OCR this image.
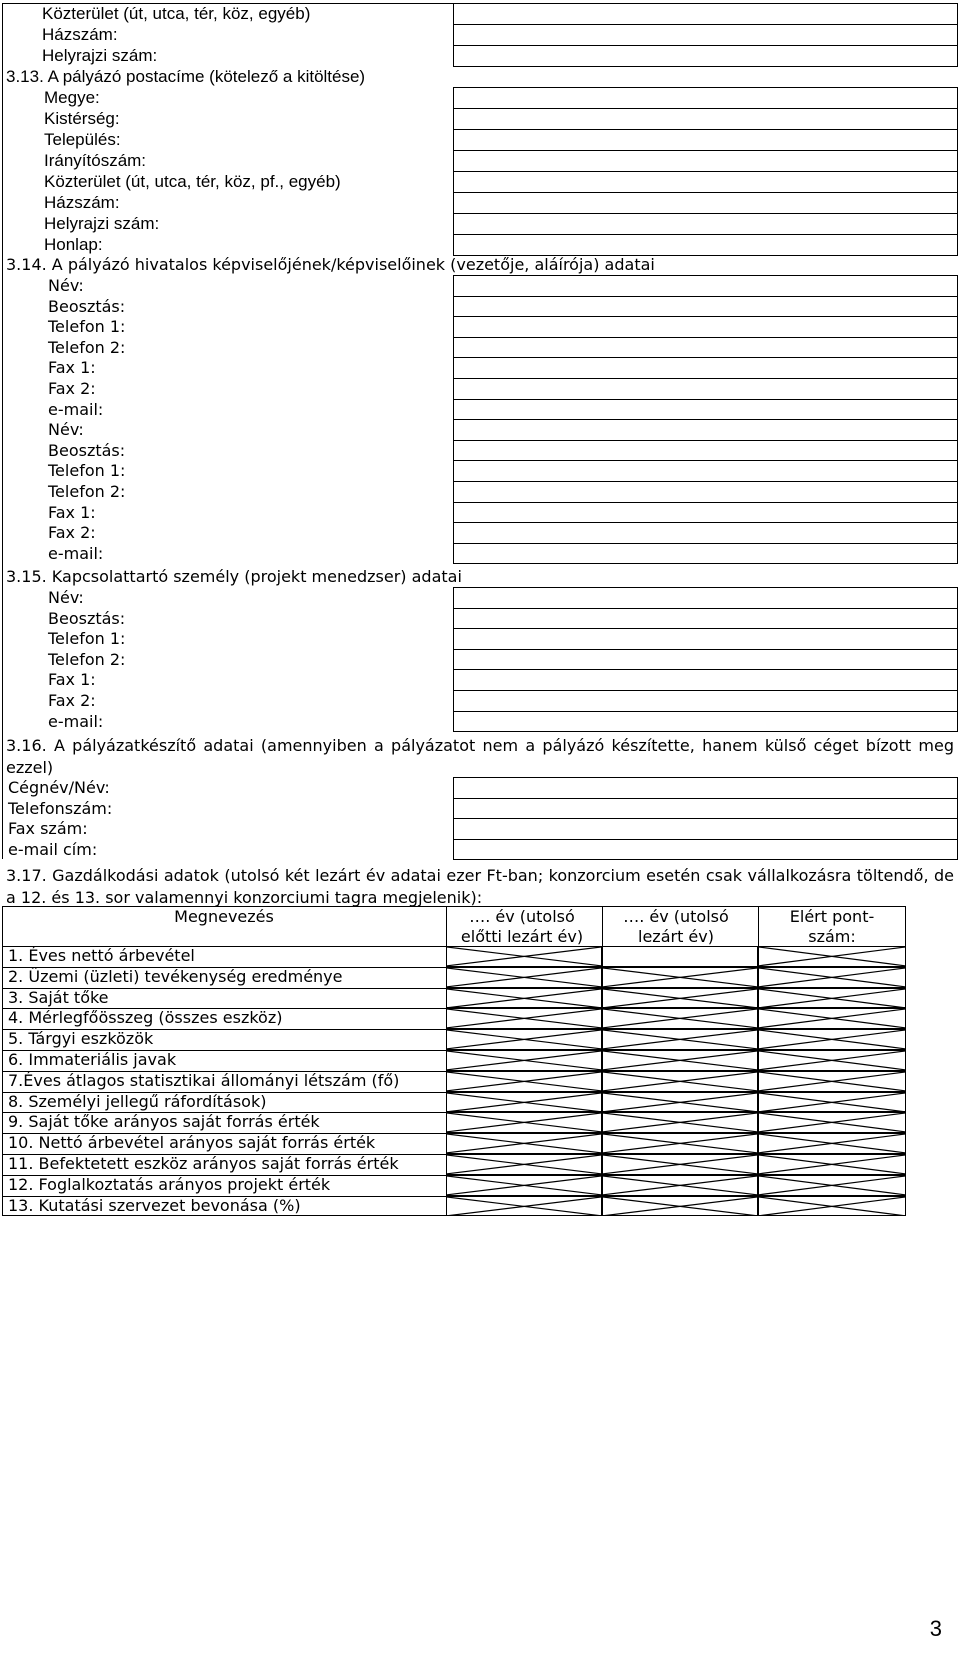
Közterület (út, utca, tér, köz, egyéb)
Házszám:
Helyrajzi szám:
3.13. A pályázó postacíme (kötelező a kitöltése)
Megye:
Kistérség:
Település:
Irányítószám:
Közterület (út, utca, tér, köz, pf., egyéb)
Házszám:
Helyrajzi szám:
Honlap:
3.14. A pályázó hivatalos képviselőjének/képviselőinek (vezetője, aláírója) adatai
Név:
Beosztás:
Telefon 1:
Telefon 2:
Fax 1:
Fax 2:
e-mail:
Név:
Beosztás:
Telefon 1:
Telefon 2:
Fax 1:
Fax 2:
e-mail:
3.15. Kapcsolattartó személy (projekt menedzser) adatai
Név:
Beosztás:
Telefon 1:
Telefon 2:
Fax 1:
Fax 2:
e-mail:
3.16. A pályázatkészítő adatai (amennyiben a pályázatot nem a pályázó készítette, hanem külső céget bízott meg ezzel)
Cégnév/Név:
Telefonszám:
Fax szám:
e-mail cím:
3.17. Gazdálkodási adatok (utolsó két lezárt év adatai ezer Ft-ban; konzorcium esetén csak vállalkozásra töltendő, de a 12. és 13. sor valamennyi konzorciumi tagra megjelenik):
Megnevezés	…. év (utolsó előtti lezárt év)
…. év (utolsó lezárt év)
Elért pont-szám:
1. Éves nettó árbevétel
2. Üzemi (üzleti) tevékenység eredménye
3. Saját tőke
4. Mérlegfőösszeg (összes eszköz)
5. Tárgyi eszközök
6. Immateriális javak
7.Éves átlagos statisztikai állományi létszám (fő)
8. Személyi jellegű ráfordítások)
9. Saját tőke arányos saját forrás érték
10. Nettó árbevétel arányos saját forrás érték
11. Befektetett eszköz arányos saját forrás érték
12. Foglalkoztatás arányos projekt érték
13. Kutatási szervezet bevonása (%)
3
